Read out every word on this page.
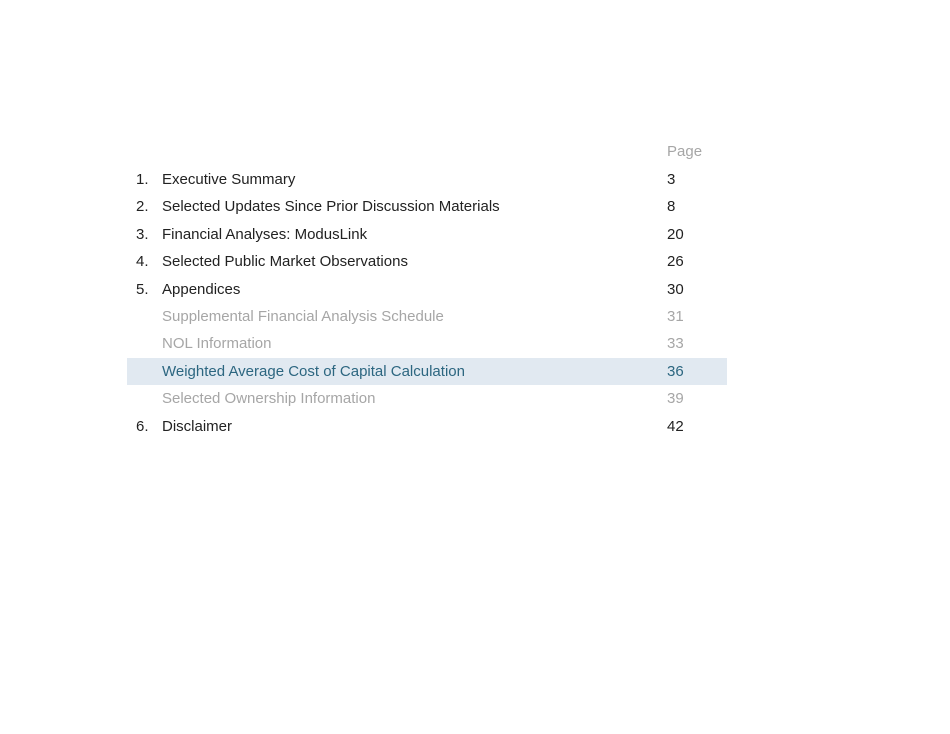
Page
1. Executive Summary	3
2. Selected Updates Since Prior Discussion Materials	8
3. Financial Analyses: ModusLink	20
4. Selected Public Market Observations	26
5. Appendices	30
Supplemental Financial Analysis Schedule	31
NOL Information	33
Weighted Average Cost of Capital Calculation	36
Selected Ownership Information	39
6. Disclaimer	42
